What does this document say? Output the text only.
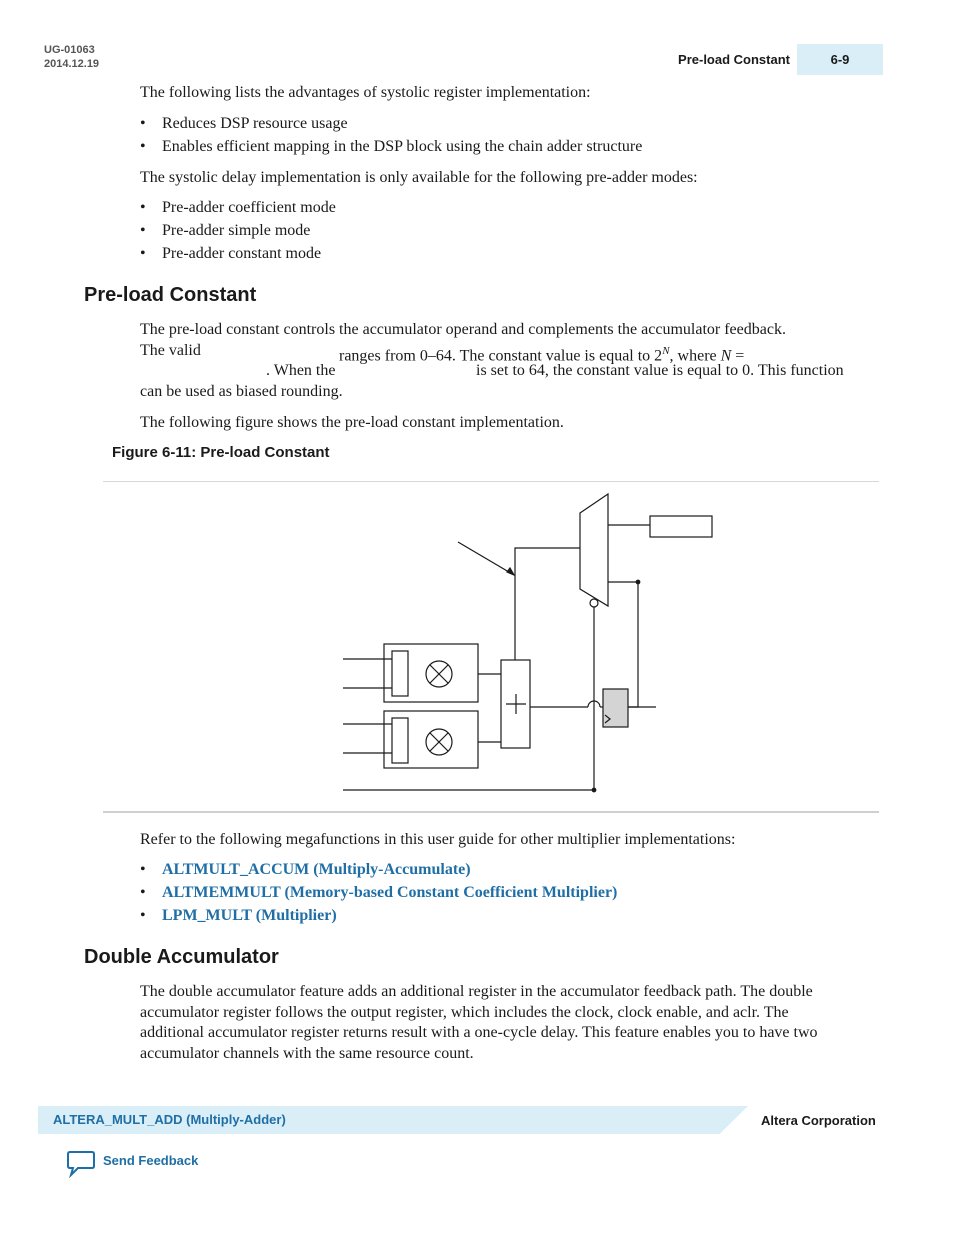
UG-01063
2014.12.19	Pre-load Constant	6-9
The following lists the advantages of systolic register implementation:
• Reduces DSP resource usage
• Enables efficient mapping in the DSP block using the chain adder structure
The systolic delay implementation is only available for the following pre-adder modes:
• Pre-adder coefficient mode
• Pre-adder simple mode
• Pre-adder constant mode
Pre-load Constant
The pre-load constant controls the accumulator operand and complements the accumulator feedback.
The valid	ranges from 0–64. The constant value is equal to $2^N$, where N =
. When the	is set to 64, the constant value is equal to 0. This function
can be used as biased rounding.
The following figure shows the pre-load constant implementation.
Figure 6-11: Pre-load Constant
Refer to the following megafunctions in this user guide for other multiplier implementations:
• ALTMULT_ACCUM (Multiply-Accumulate)
• ALTMEMMULT (Memory-based Constant Coefficient Multiplier)
• LPM_MULT (Multiplier)
Double Accumulator
The double accumulator feature adds an additional register in the accumulator feedback path. The double
accumulator register follows the output register, which includes the clock, clock enable, and aclr. The
additional accumulator register returns result with a one-cycle delay. This feature enables you to have two
accumulator channels with the same resource count.
ALTERA_MULT_ADD (Multiply-Adder)	Altera Corporation
Send Feedback
